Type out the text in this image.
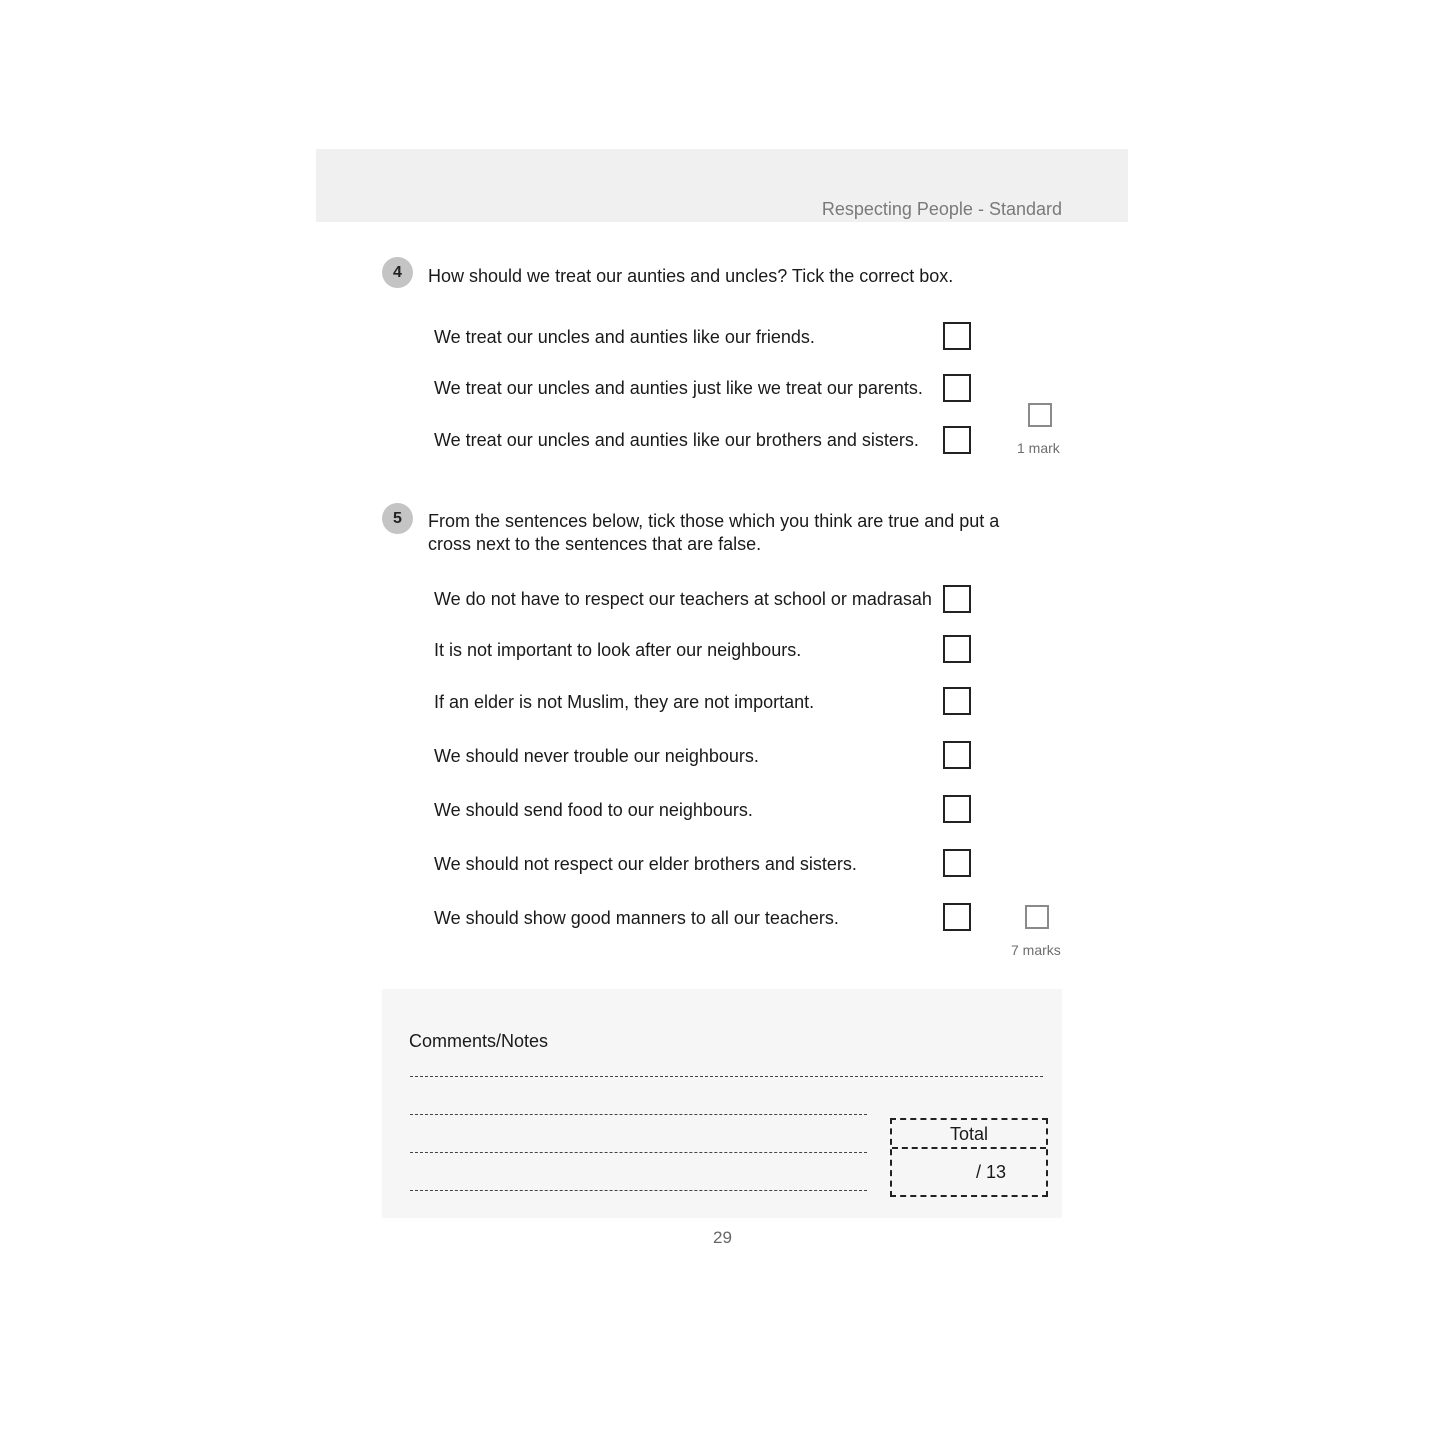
Respecting People - Standard
4	How should we treat our aunties and uncles? Tick the correct box.
We treat our uncles and aunties like our friends.
We treat our uncles and aunties just like we treat our parents.
We treat our uncles and aunties like our brothers and sisters.	1 mark
5	From the sentences below, tick those which you think are true and put a
cross next to the sentences that are false.
We do not have to respect our teachers at school or madrasah
It is not important to look after our neighbours.
If an elder is not Muslim, they are not important.
We should never trouble our neighbours.
We should send food to our neighbours.
We should not respect our elder brothers and sisters.
We should show good manners to all our teachers.
7 marks
Comments/Notes
Total
/ 13
29
